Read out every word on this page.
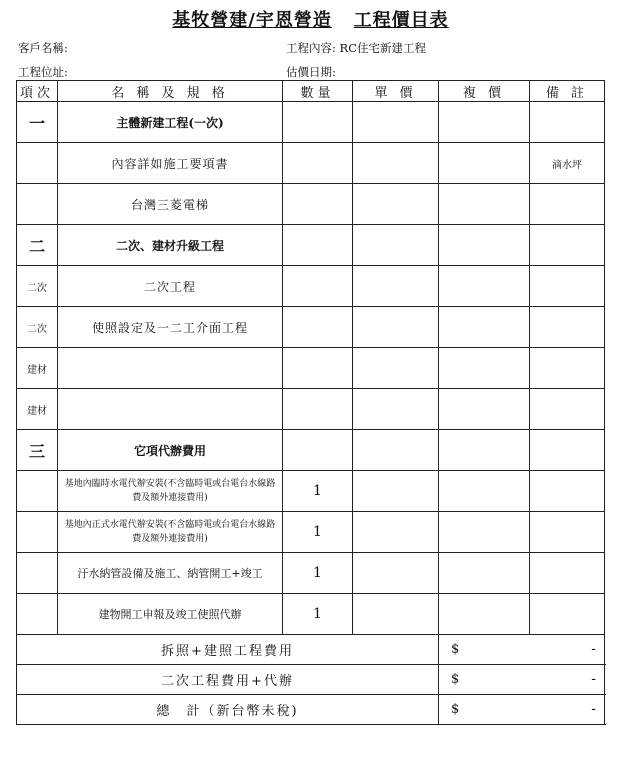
基牧營建/宇恩營造 工程價目表
客戶名稱:	工程內容: RC住宅新建工程
工程位址:	估價日期:
項次	名 稱 及 規 格	數量	單 價	複 價	備 註
一	主體新建工程(一次)				
	內容詳如施工要項書				滴水坪
	台灣三菱電梯				
二	二次、建材升級工程				
二次	二次工程				
二次	使照設定及一二工介面工程				
建材					
建材					
三	它項代辦費用				
	基地內臨時水電代辦安裝(不含臨時電或台電台水線路費及額外連接費用)	1			
	基地內正式水電代辦安裝(不含臨時電或台電台水線路費及額外連接費用)	1			
	汙水納管設備及施工、納管開工+竣工	1			
	建物開工申報及竣工使照代辦	1			
拆照+建照工程費用				$ -	

二次工程費用+代辦				$ -	

總　計（新台幣未稅)				$ -	
